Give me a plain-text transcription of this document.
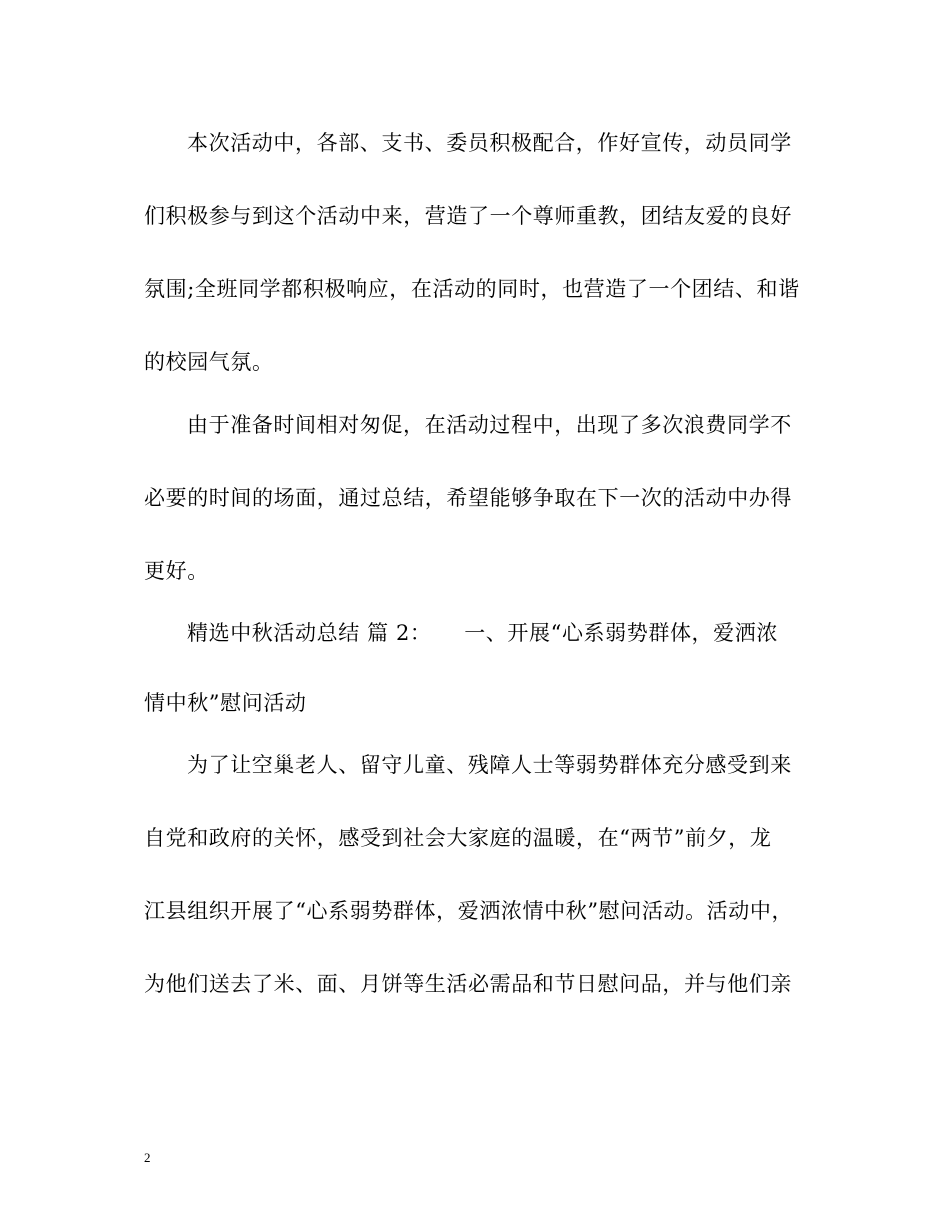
本次活动中，各部、支书、委员积极配合，作好宣传，动员同学
们积极参与到这个活动中来，营造了一个尊师重教，团结友爱的良好
氛围;全班同学都积极响应，在活动的同时，也营造了一个团结、和谐
的校园气氛。
由于准备时间相对匆促，在活动过程中，出现了多次浪费同学不
必要的时间的场面，通过总结，希望能够争取在下一次的活动中办得
更好。
精选中秋活动总结 篇 2：　　一、开展“心系弱势群体，爱洒浓
情中秋”慰问活动
为了让空巢老人、留守儿童、残障人士等弱势群体充分感受到来
自党和政府的关怀，感受到社会大家庭的温暖，在“两节”前夕，龙
江县组织开展了“心系弱势群体，爱洒浓情中秋”慰问活动。活动中，
为他们送去了米、面、月饼等生活必需品和节日慰问品，并与他们亲
2
